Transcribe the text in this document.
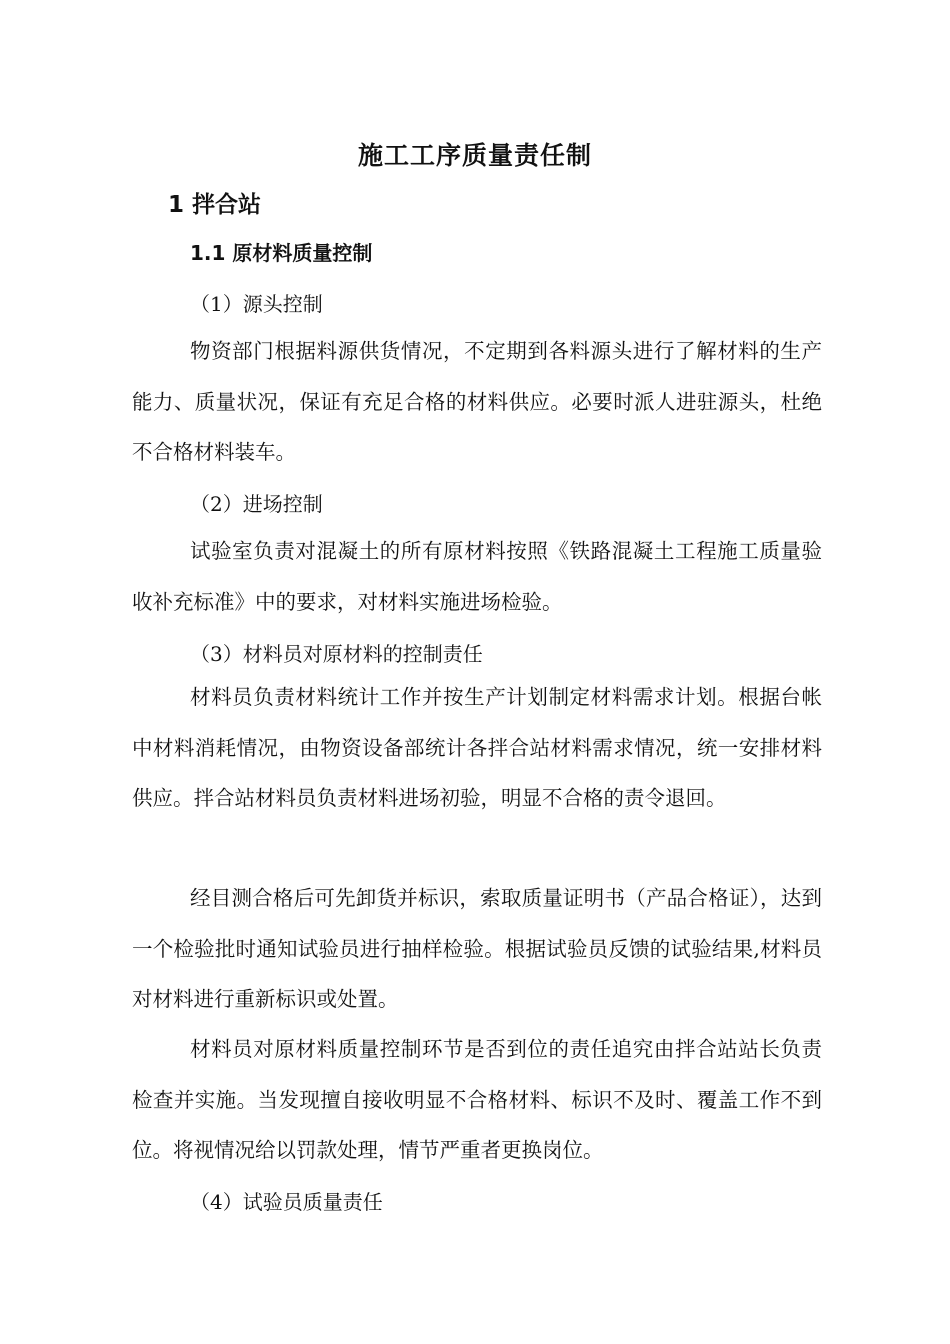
施工工序质量责任制
1 拌合站
1.1 原材料质量控制
（1）源头控制

物资部门根据料源供货情况，不定期到各料源头进行了解材料的生产能力、质量状况，保证有充足合格的材料供应。必要时派人进驻源头，杜绝不合格材料装车。

（2）进场控制

试验室负责对混凝土的所有原材料按照《铁路混凝土工程施工质量验收补充标准》中的要求，对材料实施进场检验。

（3）材料员对原材料的控制责任

材料员负责材料统计工作并按生产计划制定材料需求计划。根据台帐中材料消耗情况，由物资设备部统计各拌合站材料需求情况，统一安排材料供应。拌合站材料员负责材料进场初验，明显不合格的责令退回。

经目测合格后可先卸货并标识，索取质量证明书（产品合格证），达到一个检验批时通知试验员进行抽样检验。根据试验员反馈的试验结果,材料员对材料进行重新标识或处置。

材料员对原材料质量控制环节是否到位的责任追究由拌合站站长负责检查并实施。当发现擅自接收明显不合格材料、标识不及时、覆盖工作不到位。将视情况给以罚款处理，情节严重者更换岗位。

（4）试验员质量责任
